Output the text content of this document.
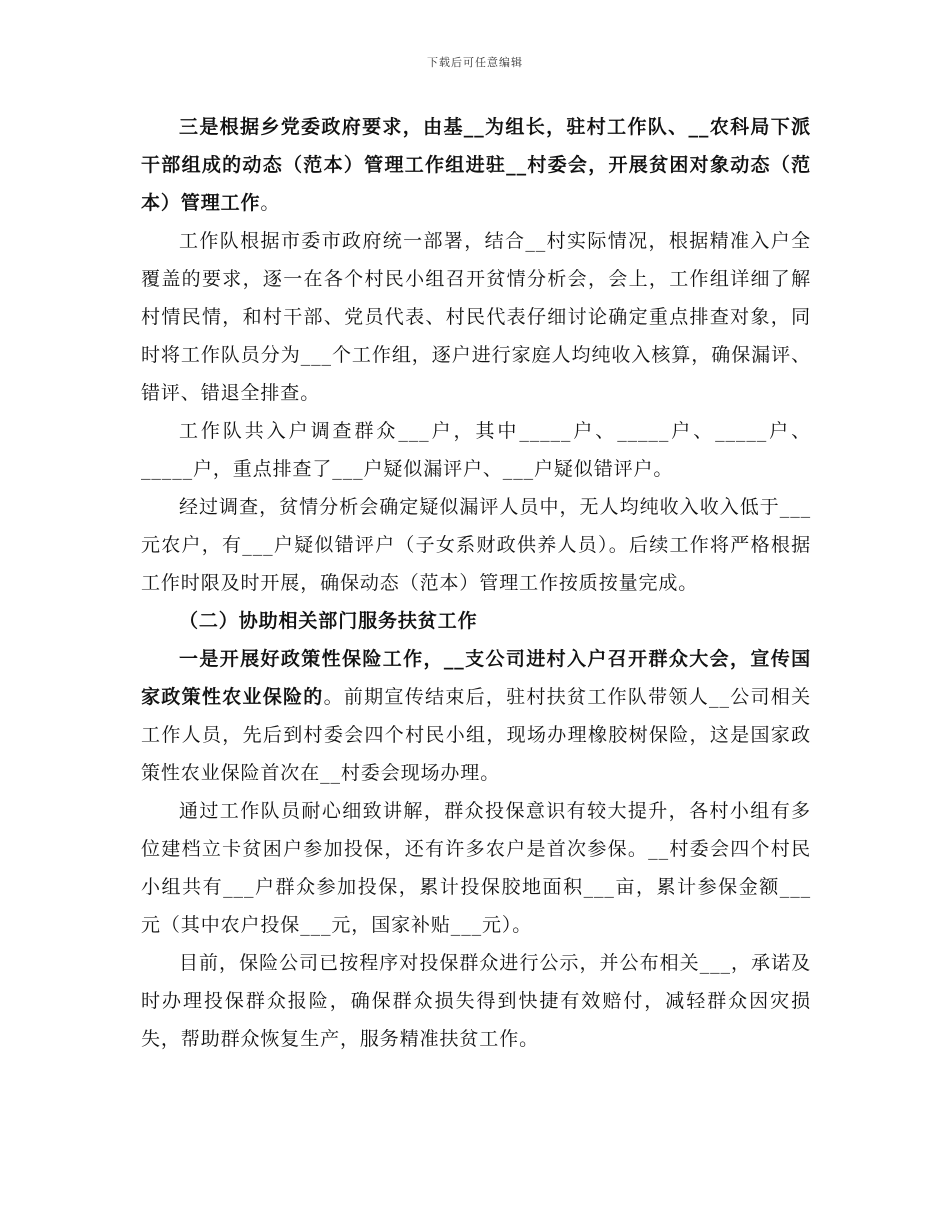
下载后可任意编辑

三是根据乡党委政府要求，由基__为组长，驻村工作队、__农科局下派干部组成的动态（范本）管理工作组进驻__村委会，开展贫困对象动态（范本）管理工作。

工作队根据市委市政府统一部署，结合__村实际情况，根据精准入户全覆盖的要求，逐一在各个村民小组召开贫情分析会，会上，工作组详细了解村情民情，和村干部、党员代表、村民代表仔细讨论确定重点排查对象，同时将工作队员分为___个工作组，逐户进行家庭人均纯收入核算，确保漏评、错评、错退全排查。

工作队共入户调查群众___户，其中_____户、_____户、_____户、_____户，重点排查了___户疑似漏评户、___户疑似错评户。

经过调查，贫情分析会确定疑似漏评人员中，无人均纯收入收入低于___元农户，有___户疑似错评户（子女系财政供养人员）。后续工作将严格根据工作时限及时开展，确保动态（范本）管理工作按质按量完成。

（二）协助相关部门服务扶贫工作

一是开展好政策性保险工作，__支公司进村入户召开群众大会，宣传国家政策性农业保险的。前期宣传结束后，驻村扶贫工作队带领人__公司相关工作人员，先后到村委会四个村民小组，现场办理橡胶树保险，这是国家政策性农业保险首次在__村委会现场办理。

通过工作队员耐心细致讲解，群众投保意识有较大提升，各村小组有多位建档立卡贫困户参加投保，还有许多农户是首次参保。__村委会四个村民小组共有___户群众参加投保，累计投保胶地面积___亩，累计参保金额___元（其中农户投保___元，国家补贴___元）。

目前，保险公司已按程序对投保群众进行公示，并公布相关___，承诺及时办理投保群众报险，确保群众损失得到快捷有效赔付，减轻群众因灾损失，帮助群众恢复生产，服务精准扶贫工作。
